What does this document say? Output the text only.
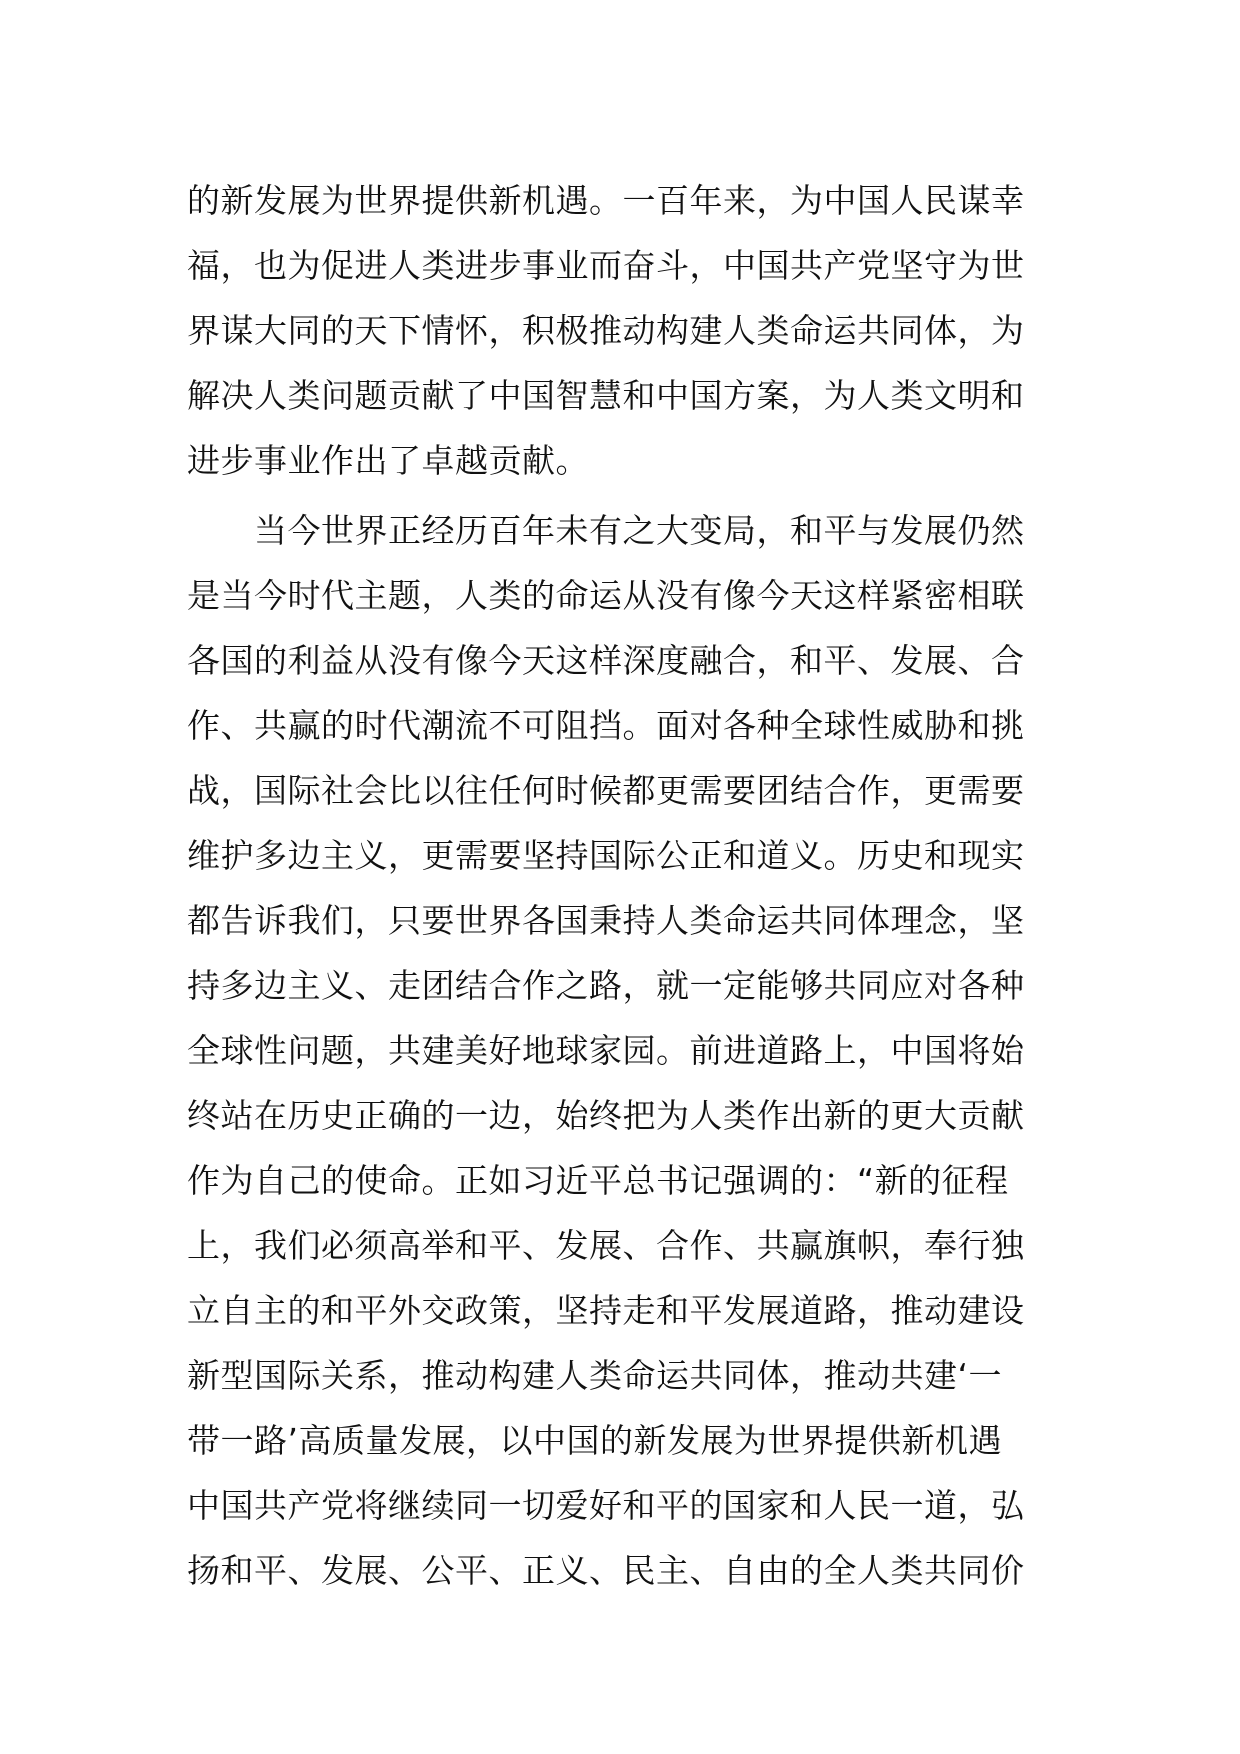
的新发展为世界提供新机遇。一百年来，为中国人民谋幸
福，也为促进人类进步事业而奋斗，中国共产党坚守为世
界谋大同的天下情怀，积极推动构建人类命运共同体，为
解决人类问题贡献了中国智慧和中国方案，为人类文明和
进步事业作出了卓越贡献。
　　当今世界正经历百年未有之大变局，和平与发展仍然
是当今时代主题，人类的命运从没有像今天这样紧密相联
各国的利益从没有像今天这样深度融合，和平、发展、合
作、共赢的时代潮流不可阻挡。面对各种全球性威胁和挑
战，国际社会比以往任何时候都更需要团结合作，更需要
维护多边主义，更需要坚持国际公正和道义。历史和现实
都告诉我们，只要世界各国秉持人类命运共同体理念，坚
持多边主义、走团结合作之路，就一定能够共同应对各种
全球性问题，共建美好地球家园。前进道路上，中国将始
终站在历史正确的一边，始终把为人类作出新的更大贡献
作为自己的使命。正如习近平总书记强调的：“新的征程
上，我们必须高举和平、发展、合作、共赢旗帜，奉行独
立自主的和平外交政策，坚持走和平发展道路，推动建设
新型国际关系，推动构建人类命运共同体，推动共建‘一
带一路’高质量发展，以中国的新发展为世界提供新机遇
中国共产党将继续同一切爱好和平的国家和人民一道，弘
扬和平、发展、公平、正义、民主、自由的全人类共同价
